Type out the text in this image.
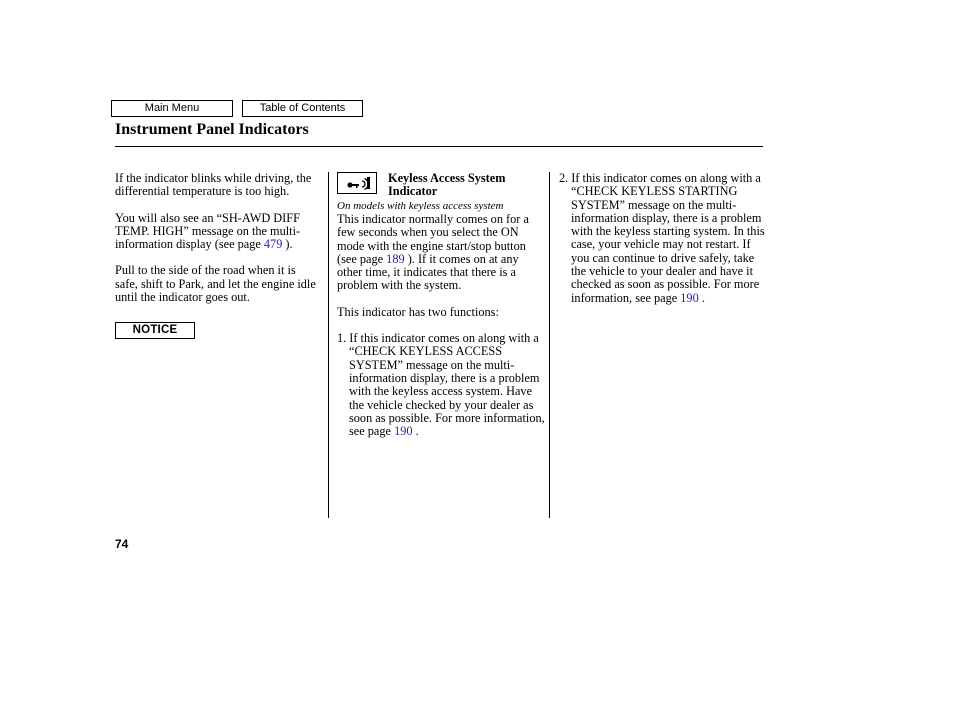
Main Menu	Table of Contents
Instrument Panel Indicators

If the indicator blinks while driving, the differential temperature is too high.

You will also see an “SH-AWD DIFF TEMP. HIGH” message on the multi-information display (see page 479 ).

Pull to the side of the road when it is safe, shift to Park, and let the engine idle until the indicator goes out.

NOTICE
Keyless Access System Indicator

On models with keyless access system

This indicator normally comes on for a few seconds when you select the ON mode with the engine start/stop button (see page 189 ). If it comes on at any other time, it indicates that there is a problem with the system.

This indicator has two functions:

1. If this indicator comes on along with a “CHECK KEYLESS ACCESS SYSTEM” message on the multi-information display, there is a problem with the keyless access system. Have the vehicle checked by your dealer as soon as possible. For more information, see page 190 .

2. If this indicator comes on along with a “CHECK KEYLESS STARTING SYSTEM” message on the multi-information display, there is a problem with the keyless starting system. In this case, your vehicle may not restart. If you can continue to drive safely, take the vehicle to your dealer and have it checked as soon as possible. For more information, see page 190 .

74
